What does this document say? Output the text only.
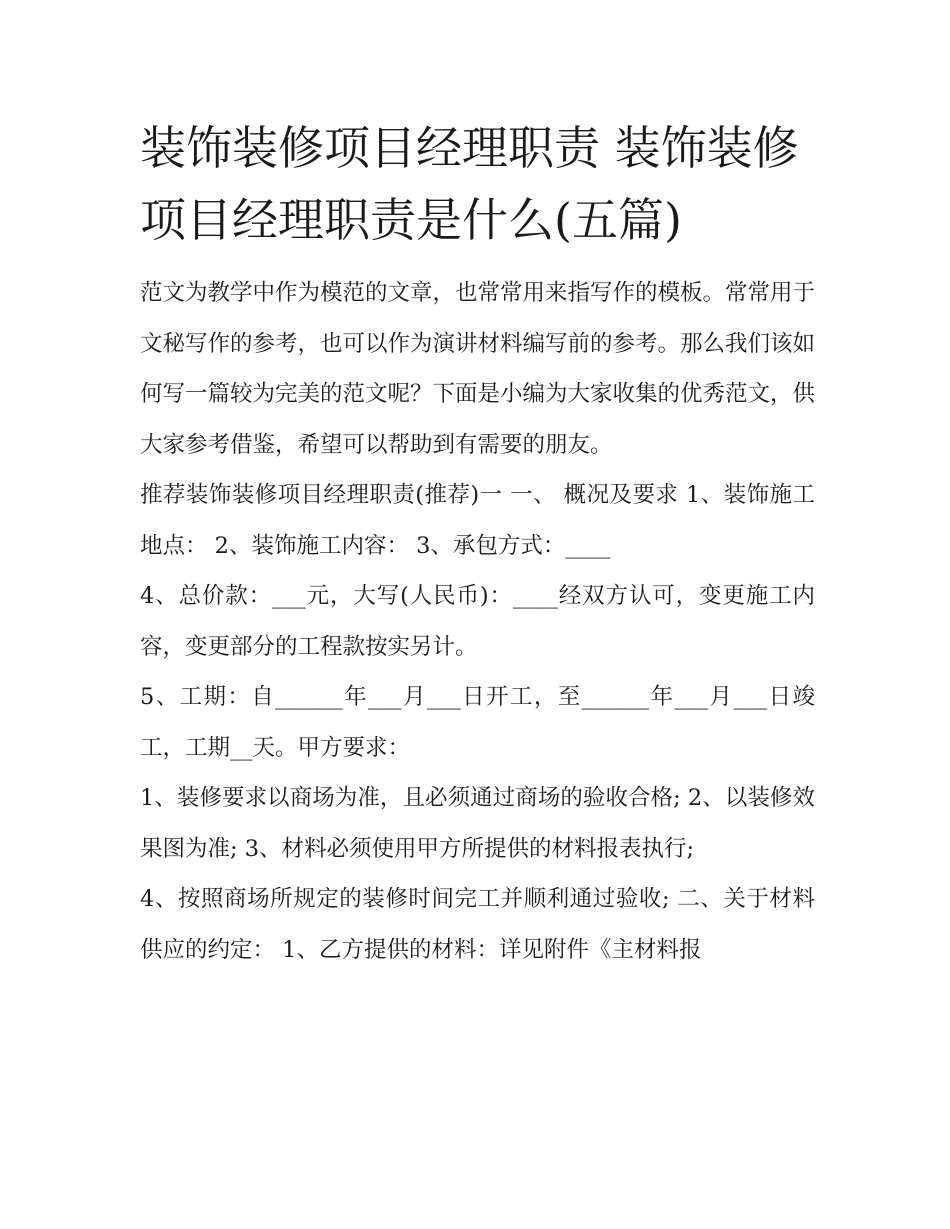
装饰装修项目经理职责 装饰装修项目经理职责是什么(五篇)

范文为教学中作为模范的文章，也常常用来指写作的模板。常常用于文秘写作的参考，也可以作为演讲材料编写前的参考。那么我们该如何写一篇较为完美的范文呢？下面是小编为大家收集的优秀范文，供大家参考借鉴，希望可以帮助到有需要的朋友。

推荐装饰装修项目经理职责(推荐)一 一、 概况及要求 1、装饰施工地点： 2、装饰施工内容： 3、承包方式：____

4、总价款：___元，大写(人民币)：____经双方认可，变更施工内容，变更部分的工程款按实另计。

5、工期：自______年___月___日开工，至______年___月___日竣工，工期__天。甲方要求：

1、装修要求以商场为准，且必须通过商场的验收合格; 2、以装修效果图为准; 3、材料必须使用甲方所提供的材料报表执行;

4、按照商场所规定的装修时间完工并顺利通过验收; 二、关于材料供应的约定： 1、乙方提供的材料：详见附件《主材料报
